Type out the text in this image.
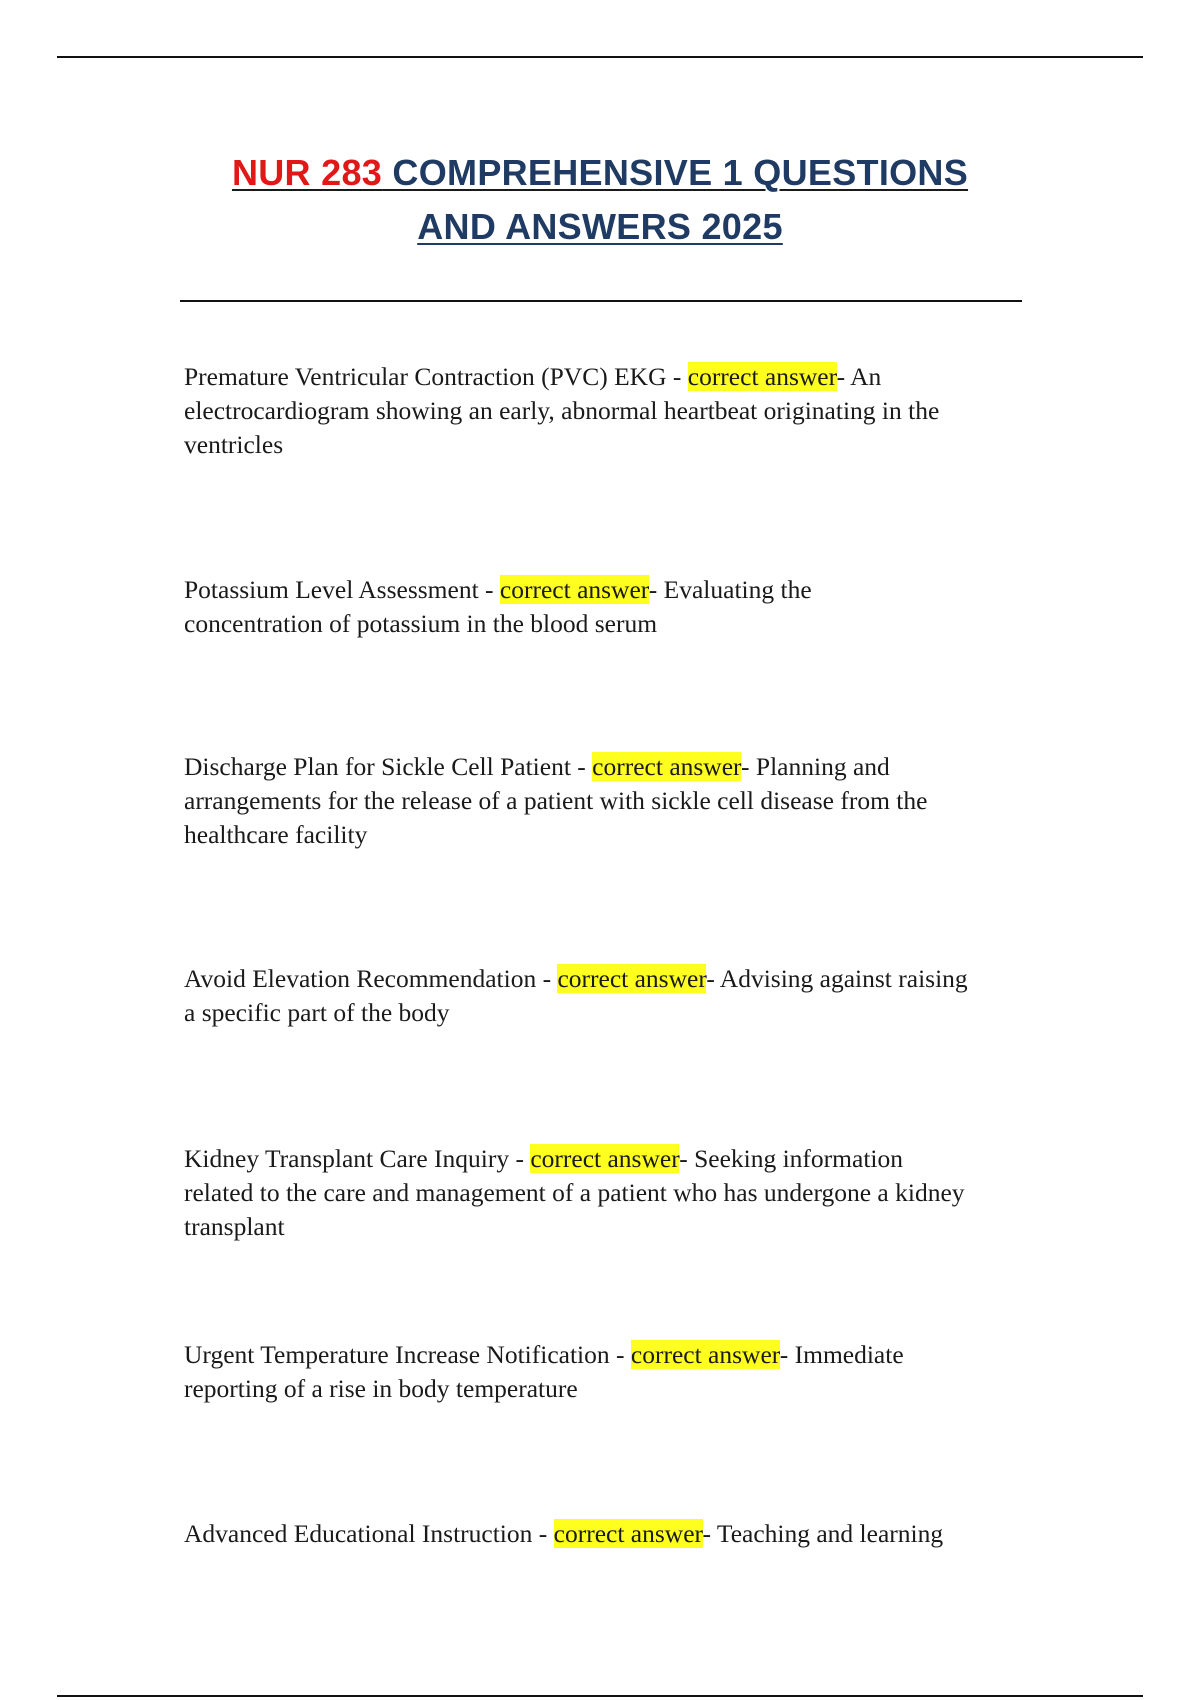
NUR 283 COMPREHENSIVE 1 QUESTIONS
AND ANSWERS 2025
Premature Ventricular Contraction (PVC) EKG - correct answer- An electrocardiogram showing an early, abnormal heartbeat originating in the ventricles
Potassium Level Assessment - correct answer- Evaluating the concentration of potassium in the blood serum
Discharge Plan for Sickle Cell Patient - correct answer- Planning and arrangements for the release of a patient with sickle cell disease from the healthcare facility
Avoid Elevation Recommendation - correct answer- Advising against raising a specific part of the body
Kidney Transplant Care Inquiry - correct answer- Seeking information related to the care and management of a patient who has undergone a kidney transplant
Urgent Temperature Increase Notification - correct answer- Immediate reporting of a rise in body temperature
Advanced Educational Instruction - correct answer- Teaching and learning
